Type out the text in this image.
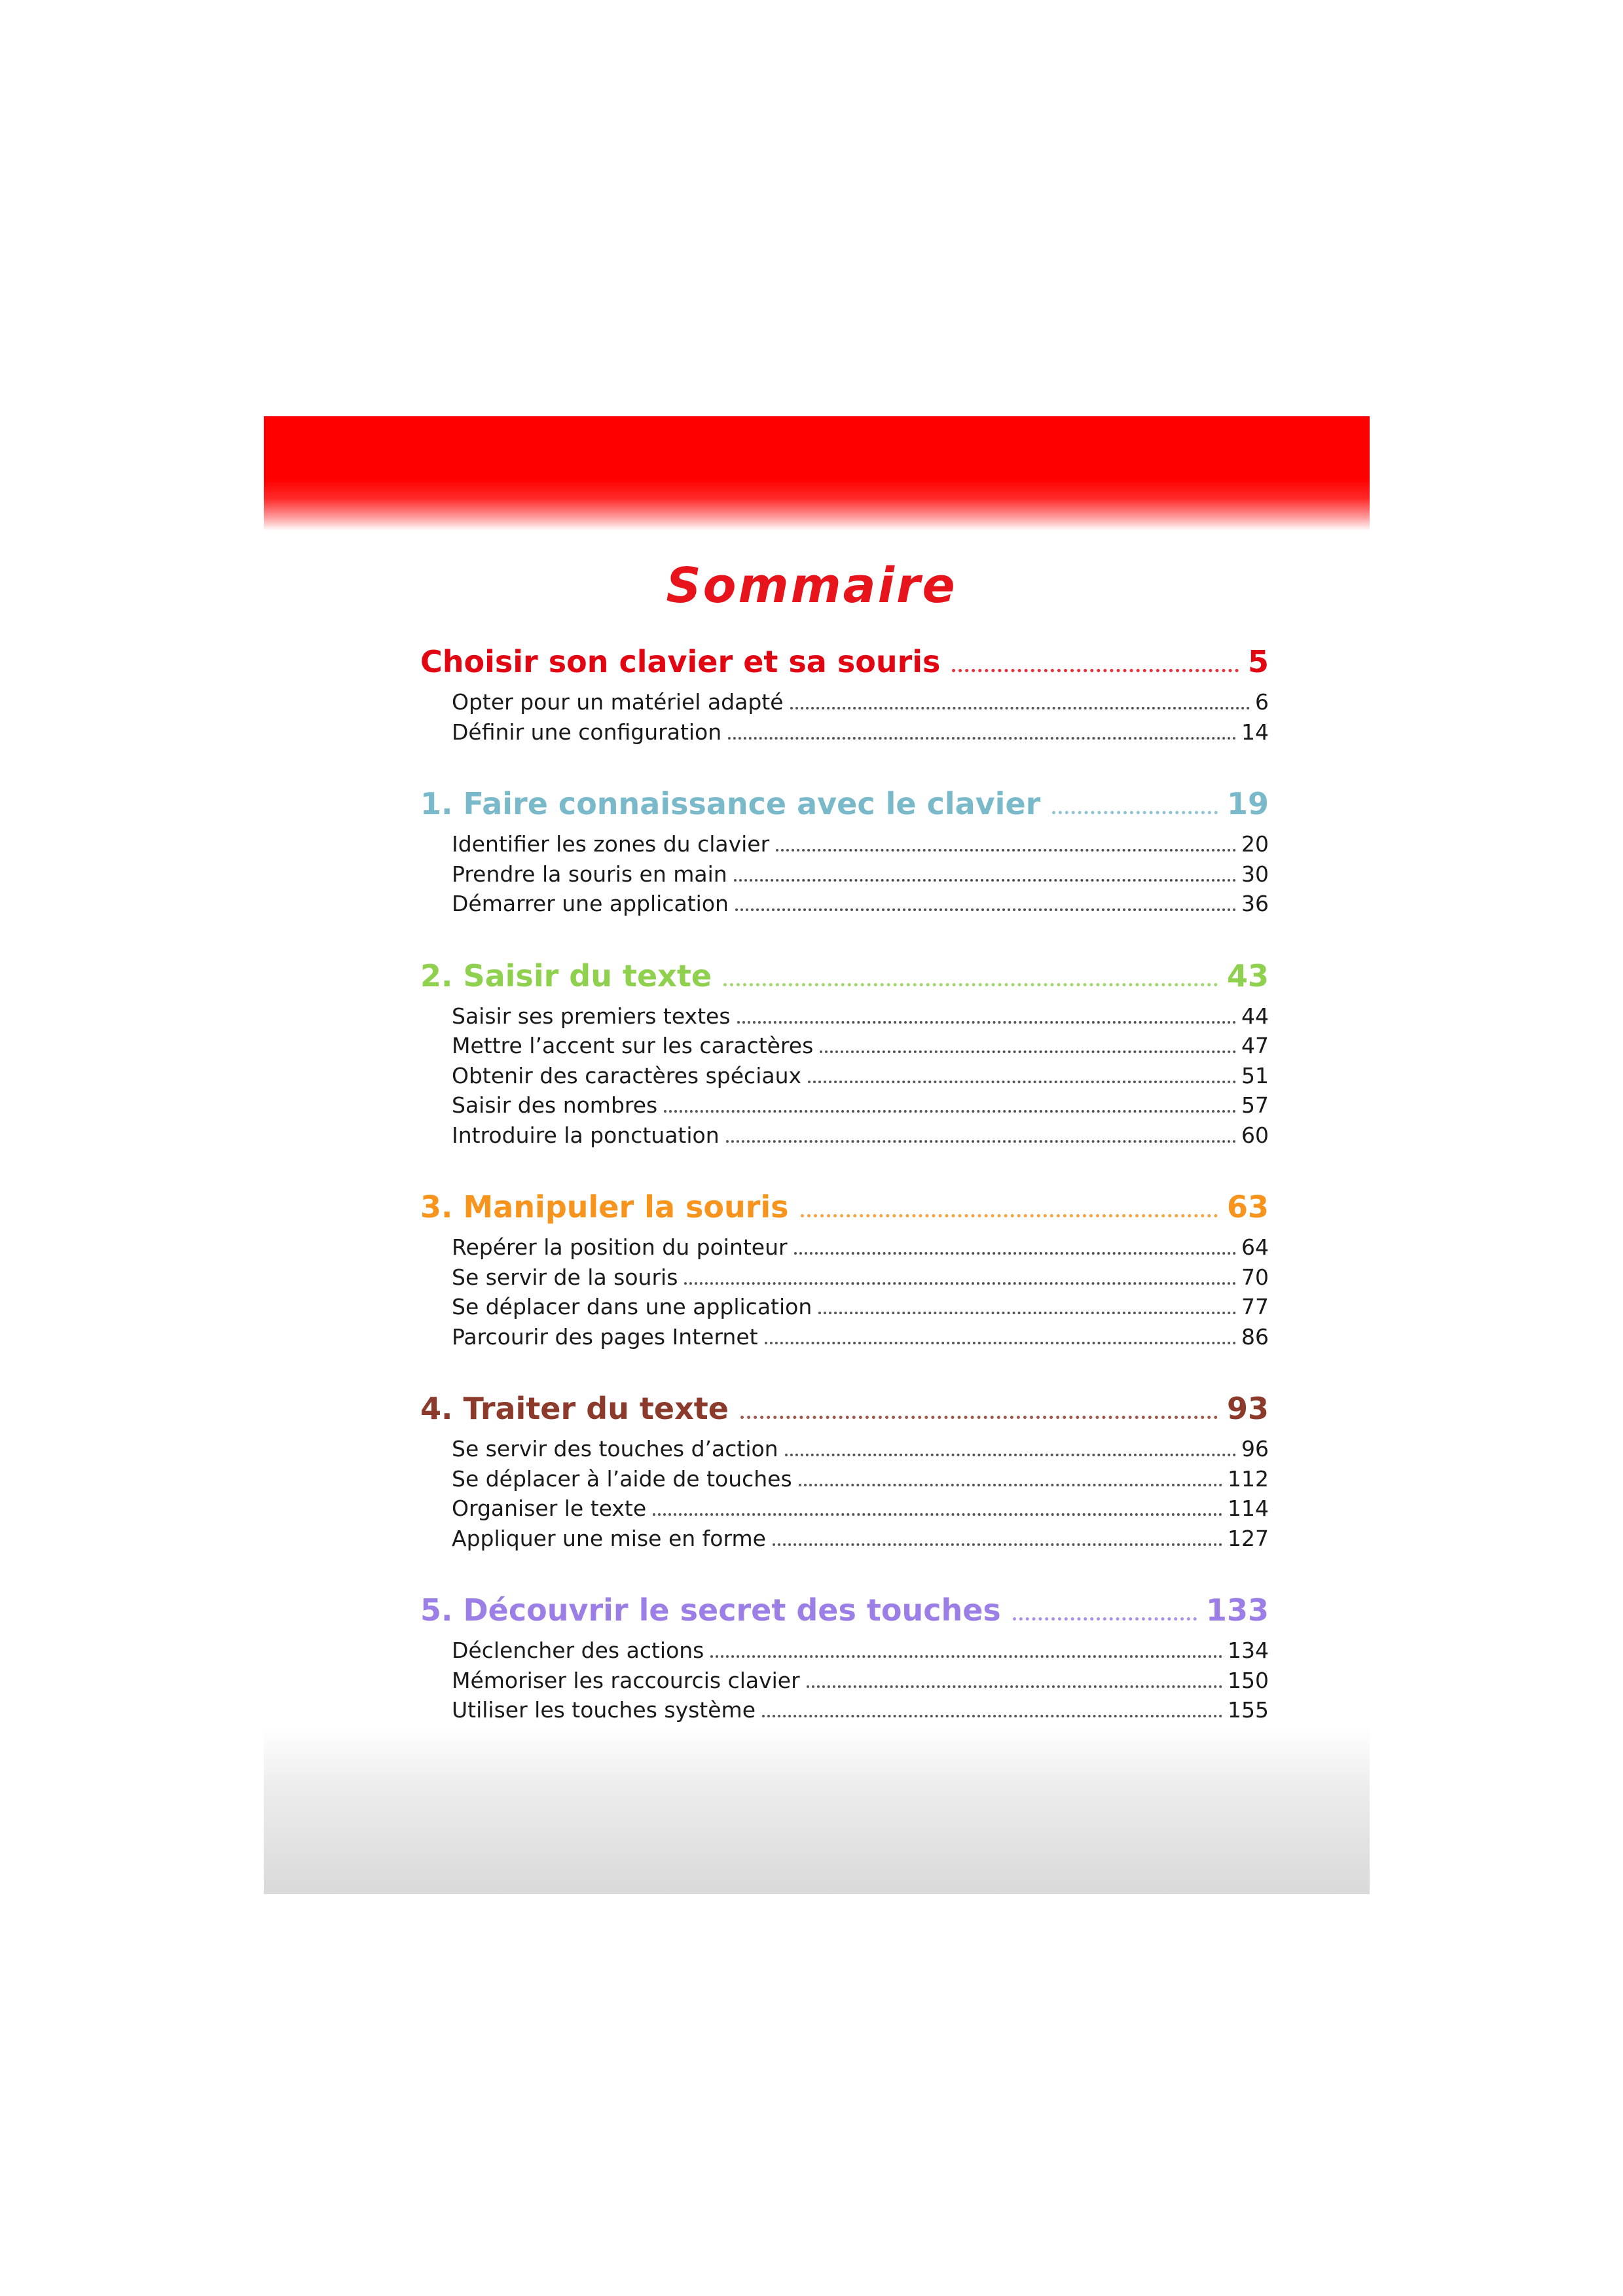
Sommaire
Choisir son clavier et sa souris	5
Opter pour un matériel adapté	6
Définir une configuration	14
1. Faire connaissance avec le clavier	19
Identifier les zones du clavier	20
Prendre la souris en main	30
Démarrer une application	36
2. Saisir du texte	43
Saisir ses premiers textes	44
Mettre l’accent sur les caractères	47
Obtenir des caractères spéciaux	51
Saisir des nombres	57
Introduire la ponctuation	60
3. Manipuler la souris	63
Repérer la position du pointeur	64
Se servir de la souris	70
Se déplacer dans une application	77
Parcourir des pages Internet	86
4. Traiter du texte	93
Se servir des touches d’action	96
Se déplacer à l’aide de touches	112
Organiser le texte	114
Appliquer une mise en forme	127
5. Découvrir le secret des touches	133
Déclencher des actions	134
Mémoriser les raccourcis clavier	150
Utiliser les touches système	155
